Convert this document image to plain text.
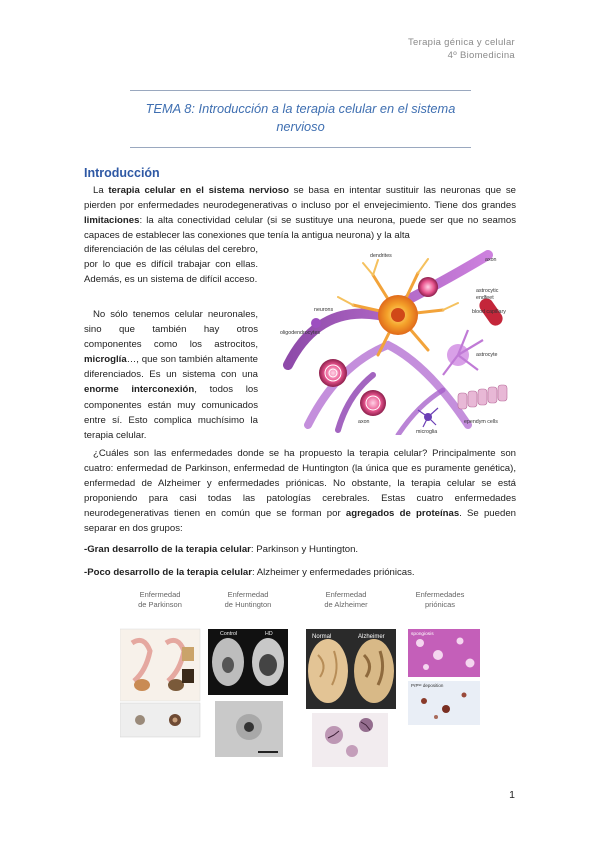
Terapia génica y celular
4º Biomedicina
TEMA 8: Introducción a la terapia celular en el sistema
nervioso
Introducción
La terapia celular en el sistema nervioso se basa en intentar sustituir las neuronas que se pierden por enfermedades neurodegenerativas o incluso por el envejecimiento. Tiene dos grandes limitaciones: la alta conectividad celular (si se sustituye una neurona, puede ser que no seamos capaces de establecer las conexiones que tenía la antigua neurona) y la alta
diferenciación de las células del cerebro, por lo que es difícil trabajar con ellas. Además, es un sistema de difícil acceso.
No sólo tenemos celular neuronales, sino que también hay otros componentes como los astrocitos, microglía…, que son también altamente diferenciados. Es un sistema con una enorme interconexión, todos los componentes están muy comunicados entre sí. Esto complica muchísimo la terapia celular.
dendrites
neurons
axon
astrocytic
endfeet
blood capillary
oligodendrocytes
astrocyte
axon
microglia
ependym cells
¿Cuáles son las enfermedades donde se ha propuesto la terapia celular? Principalmente son cuatro: enfermedad de Parkinson, enfermedad de Huntington (la única que es puramente genética), enfermedad de Alzheimer y enfermedades priónicas. No obstante, la terapia celular se está proponiendo para casi todas las patologías cerebrales. Estas cuatro enfermedades neurodegenerativas tienen en común que se forman por agregados de proteínas. Se pueden separar en dos grupos:
-Gran desarrollo de la terapia celular: Parkinson y Huntington.
-Poco desarrollo de la terapia celular: Alzheimer y enfermedades priónicas.
Enfermedad
de Parkinson
Enfermedad
de Huntington
Enfermedad
de Alzheimer
Enfermedades
priónicas
Control	HD	Normal	Alzheimer	spongiosis
PrPˢᶜ deposition
1
